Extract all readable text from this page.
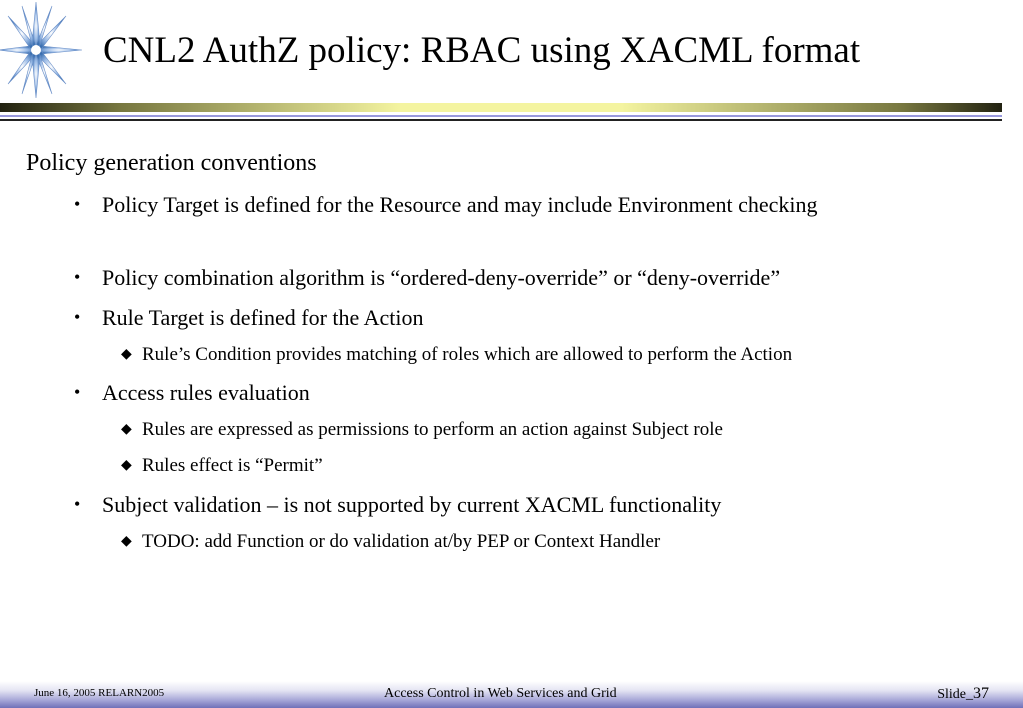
CNL2 AuthZ policy: RBAC using XACML format
Policy generation conventions
• Policy Target is defined for the Resource and may include Environment checking
• Policy combination algorithm is “ordered-deny-override” or “deny-override”
• Rule Target is defined for the Action
◆ Rule’s Condition provides matching of roles which are allowed to perform the Action
• Access rules evaluation
◆ Rules are expressed as permissions to perform an action against Subject role
◆ Rules effect is “Permit”
• Subject validation – is not supported by current XACML functionality
◆ TODO: add Function or do validation at/by PEP or Context Handler
June 16, 2005 RELARN2005	Access Control in Web Services and Grid	Slide_37
